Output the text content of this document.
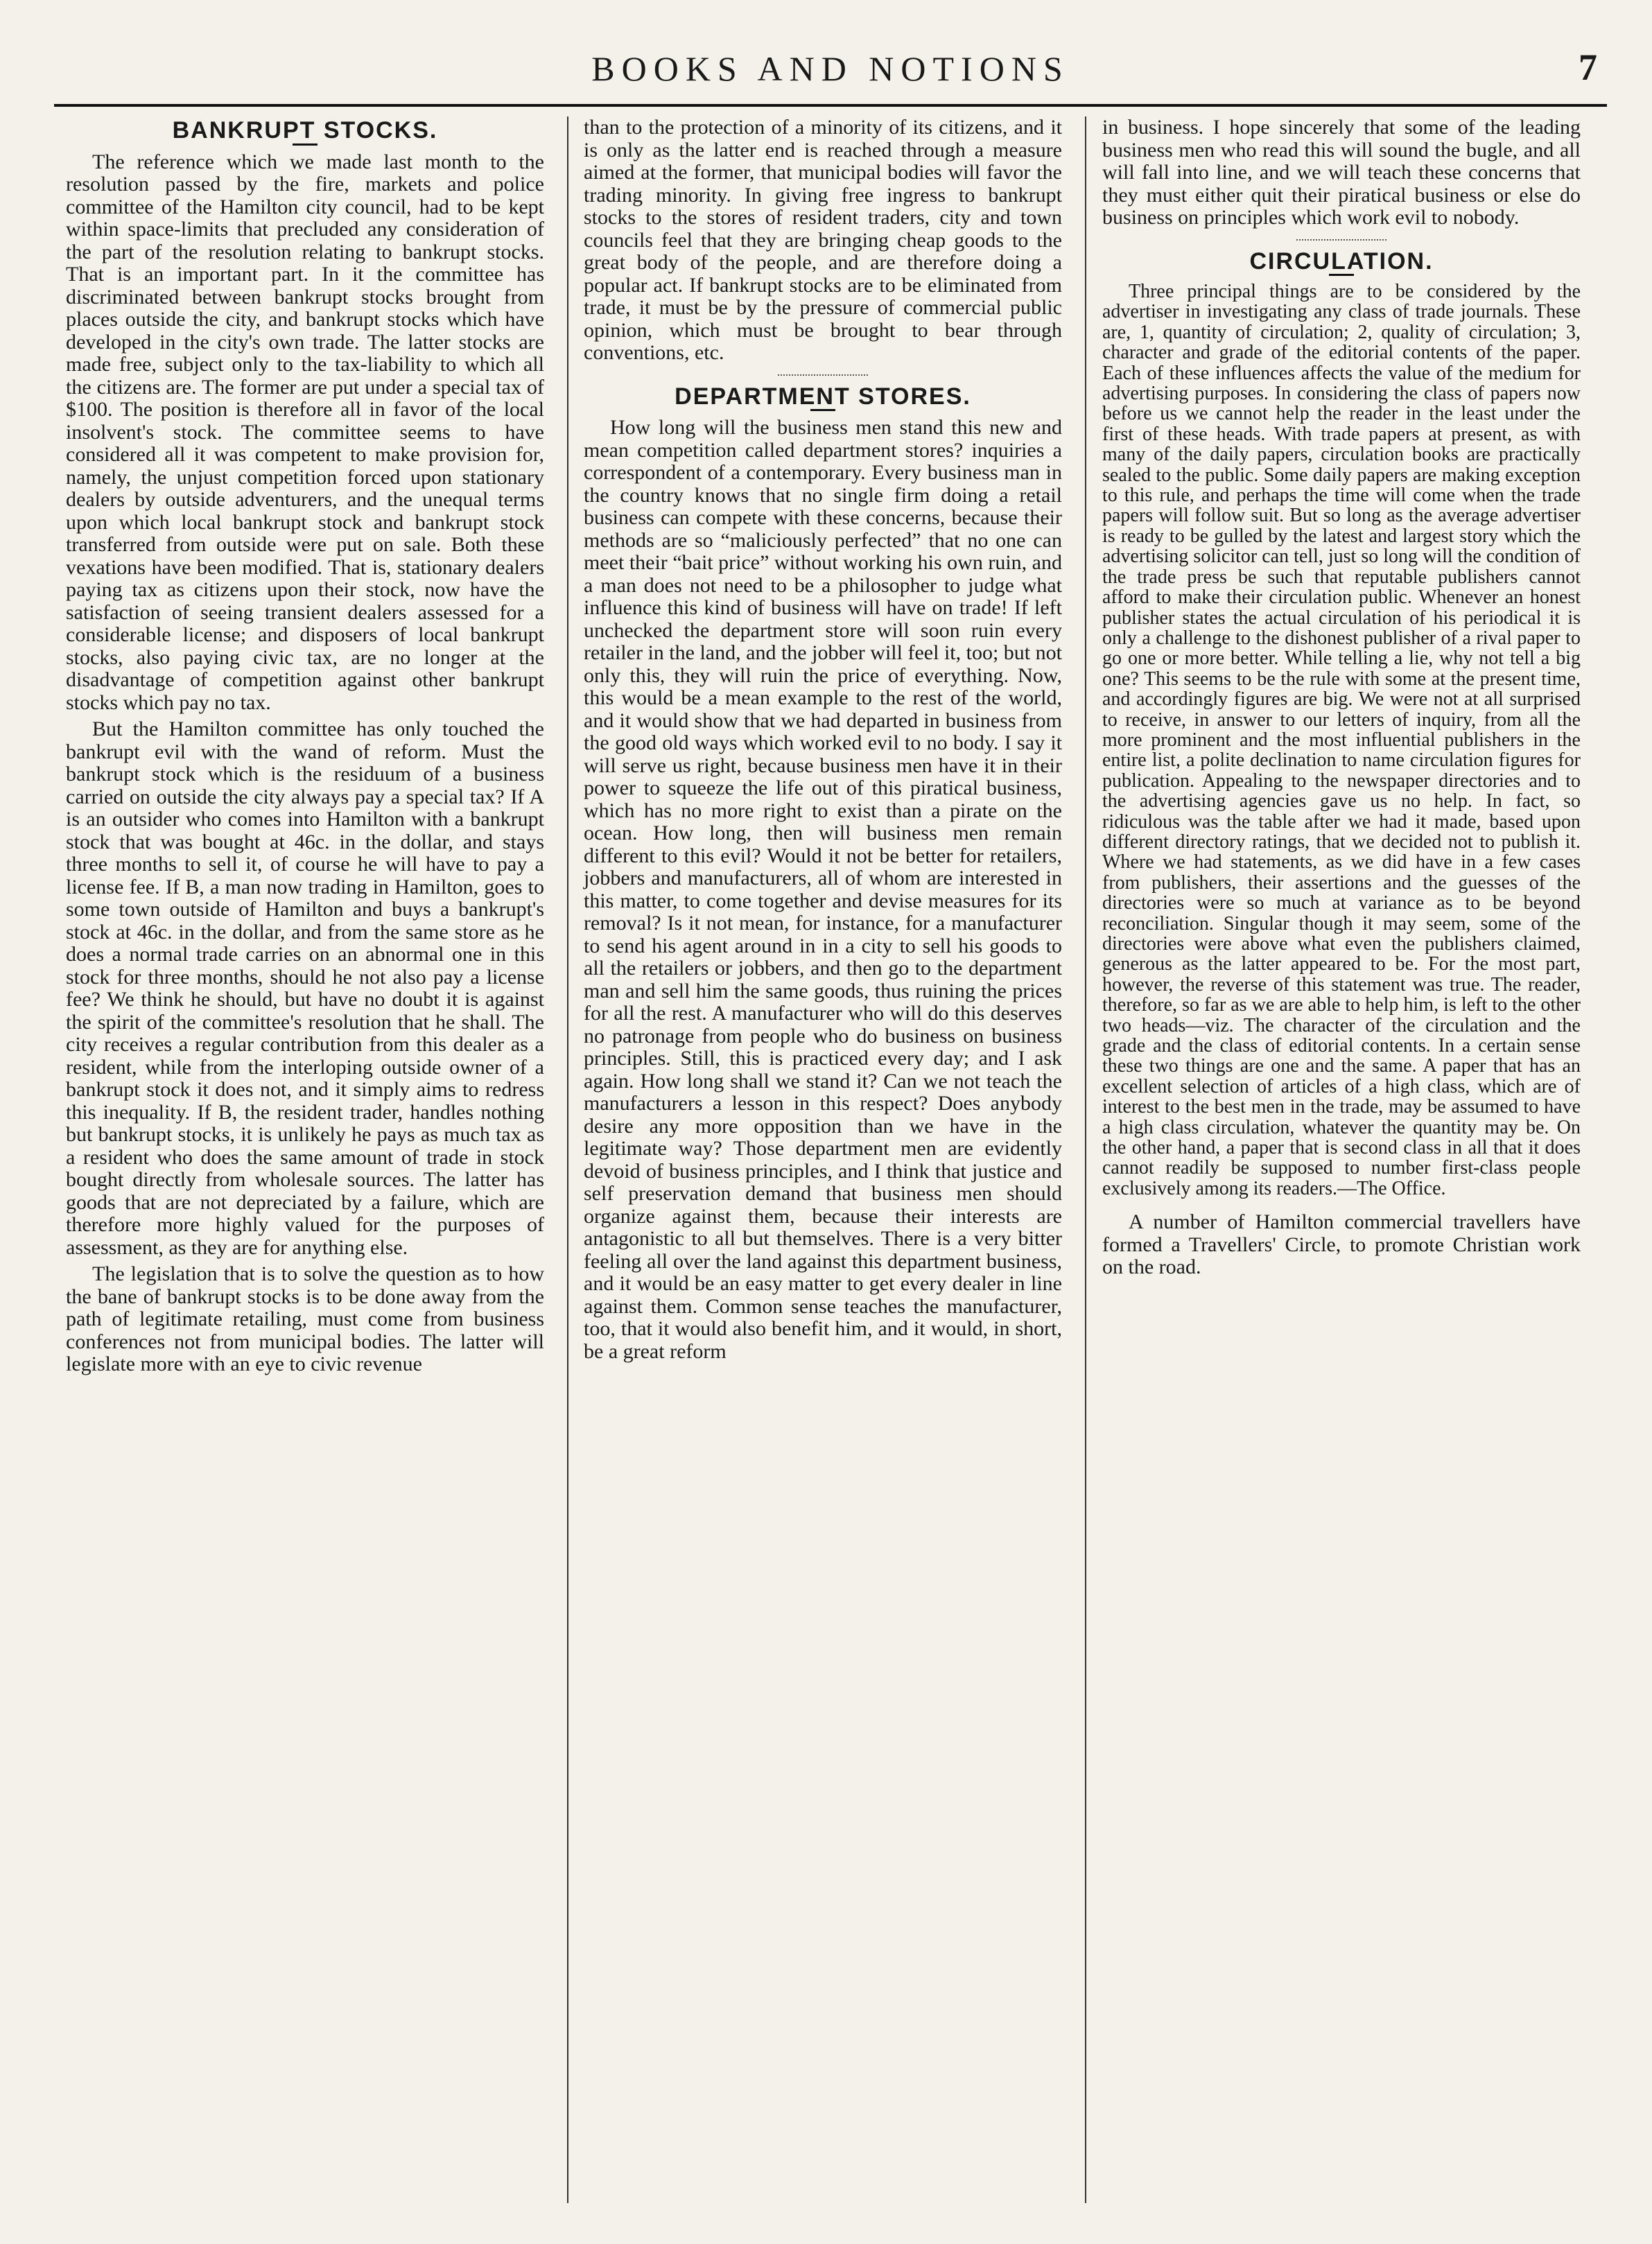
BOOKS AND NOTIONS	7
BANKRUPT STOCKS.

The reference which we made last month to the resolution passed by the fire, markets and police committee of the Hamilton city council, had to be kept within space-limits that precluded any consideration of the part of the resolution relating to bankrupt stocks. That is an important part. In it the committee has discriminated between bankrupt stocks brought from places outside the city, and bankrupt stocks which have developed in the city's own trade. The latter stocks are made free, subject only to the tax-liability to which all the citizens are. The former are put under a special tax of $100. The position is therefore all in favor of the local insolvent's stock. The committee seems to have considered all it was competent to make provision for, namely, the unjust competition forced upon stationary dealers by outside adventurers, and the unequal terms upon which local bankrupt stock and bankrupt stock transferred from outside were put on sale. Both these vexations have been modified. That is, stationary dealers paying tax as citizens upon their stock, now have the satisfaction of seeing transient dealers assessed for a considerable license; and disposers of local bankrupt stocks, also paying civic tax, are no longer at the disadvantage of competition against other bankrupt stocks which pay no tax.

But the Hamilton committee has only touched the bankrupt evil with the wand of reform. Must the bankrupt stock which is the residuum of a business carried on outside the city always pay a special tax? If A is an outsider who comes into Hamilton with a bankrupt stock that was bought at 46c. in the dollar, and stays three months to sell it, of course he will have to pay a license fee. If B, a man now trading in Hamilton, goes to some town outside of Hamilton and buys a bankrupt's stock at 46c. in the dollar, and from the same store as he does a normal trade carries on an abnormal one in this stock for three months, should he not also pay a license fee? We think he should, but have no doubt it is against the spirit of the committee's resolution that he shall. The city receives a regular contribution from this dealer as a resident, while from the interloping outside owner of a bankrupt stock it does not, and it simply aims to redress this inequality. If B, the resident trader, handles nothing but bankrupt stocks, it is unlikely he pays as much tax as a resident who does the same amount of trade in stock bought directly from wholesale sources. The latter has goods that are not depreciated by a failure, which are therefore more highly valued for the purposes of assessment, as they are for anything else.

The legislation that is to solve the question as to how the bane of bankrupt stocks is to be done away from the path of legitimate retailing, must come from business conferences not from municipal bodies. The latter will legislate more with an eye to civic revenue

than to the protection of a minority of its citizens, and it is only as the latter end is reached through a measure aimed at the former, that municipal bodies will favor the trading minority. In giving free ingress to bankrupt stocks to the stores of resident traders, city and town councils feel that they are bringing cheap goods to the great body of the people, and are therefore doing a popular act. If bankrupt stocks are to be eliminated from trade, it must be by the pressure of commercial public opinion, which must be brought to bear through conventions, etc.

DEPARTMENT STORES.

How long will the business men stand this new and mean competition called department stores? inquiries a correspondent of a contemporary. Every business man in the country knows that no single firm doing a retail business can compete with these concerns, because their methods are so “maliciously perfected” that no one can meet their “bait price” without working his own ruin, and a man does not need to be a philosopher to judge what influence this kind of business will have on trade! If left unchecked the department store will soon ruin every retailer in the land, and the jobber will feel it, too; but not only this, they will ruin the price of everything. Now, this would be a mean example to the rest of the world, and it would show that we had departed in business from the good old ways which worked evil to no body. I say it will serve us right, because business men have it in their power to squeeze the life out of this piratical business, which has no more right to exist than a pirate on the ocean. How long, then will business men remain different to this evil? Would it not be better for retailers, jobbers and manufacturers, all of whom are interested in this matter, to come together and devise measures for its removal? Is it not mean, for instance, for a manufacturer to send his agent around in in a city to sell his goods to all the retailers or jobbers, and then go to the department man and sell him the same goods, thus ruining the prices for all the rest. A manufacturer who will do this deserves no patronage from people who do business on business principles. Still, this is practiced every day; and I ask again. How long shall we stand it? Can we not teach the manufacturers a lesson in this respect? Does anybody desire any more opposition than we have in the legitimate way? Those department men are evidently devoid of business principles, and I think that justice and self preservation demand that business men should organize against them, because their interests are antagonistic to all but themselves. There is a very bitter feeling all over the land against this department business, and it would be an easy matter to get every dealer in line against them. Common sense teaches the manufacturer, too, that it would also benefit him, and it would, in short, be a great reform

in business. I hope sincerely that some of the leading business men who read this will sound the bugle, and all will fall into line, and we will teach these concerns that they must either quit their piratical business or else do business on principles which work evil to nobody.

CIRCULATION.

Three principal things are to be considered by the advertiser in investigating any class of trade journals. These are, 1, quantity of circulation; 2, quality of circulation; 3, character and grade of the editorial contents of the paper. Each of these influences affects the value of the medium for advertising purposes. In considering the class of papers now before us we cannot help the reader in the least under the first of these heads. With trade papers at present, as with many of the daily papers, circulation books are practically sealed to the public. Some daily papers are making exception to this rule, and perhaps the time will come when the trade papers will follow suit. But so long as the average advertiser is ready to be gulled by the latest and largest story which the advertising solicitor can tell, just so long will the condition of the trade press be such that reputable publishers cannot afford to make their circulation public. Whenever an honest publisher states the actual circulation of his periodical it is only a challenge to the dishonest publisher of a rival paper to go one or more better. While telling a lie, why not tell a big one? This seems to be the rule with some at the present time, and accordingly figures are big. We were not at all surprised to receive, in answer to our letters of inquiry, from all the more prominent and the most influential publishers in the entire list, a polite declination to name circulation figures for publication. Appealing to the newspaper directories and to the advertising agencies gave us no help. In fact, so ridiculous was the table after we had it made, based upon different directory ratings, that we decided not to publish it. Where we had statements, as we did have in a few cases from publishers, their assertions and the guesses of the directories were so much at variance as to be beyond reconciliation. Singular though it may seem, some of the directories were above what even the publishers claimed, generous as the latter appeared to be. For the most part, however, the reverse of this statement was true. The reader, therefore, so far as we are able to help him, is left to the other two heads—viz. The character of the circulation and the grade and the class of editorial contents. In a certain sense these two things are one and the same. A paper that has an excellent selection of articles of a high class, which are of interest to the best men in the trade, may be assumed to have a high class circulation, whatever the quantity may be. On the other hand, a paper that is second class in all that it does cannot readily be supposed to number first-class people exclusively among its readers.—The Office.

A number of Hamilton commercial travellers have formed a Travellers' Circle, to promote Christian work on the road.
